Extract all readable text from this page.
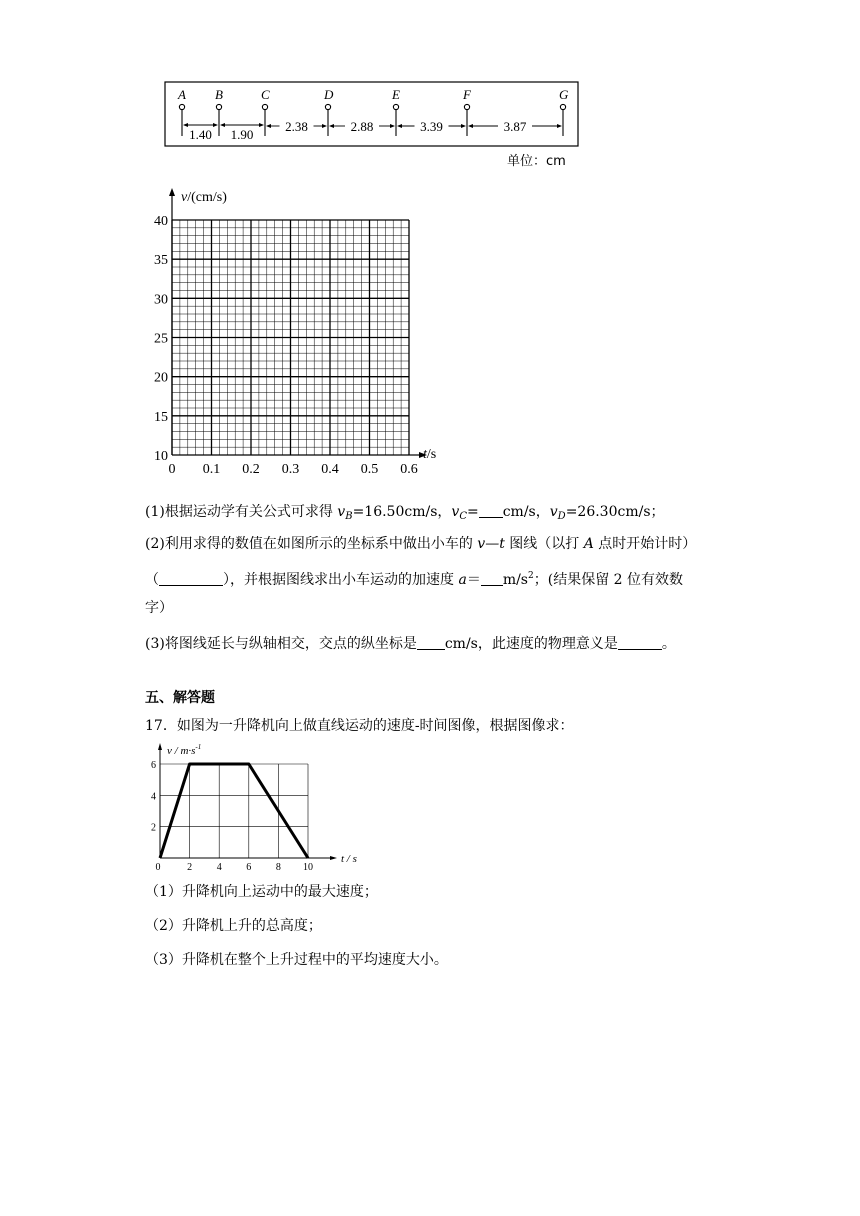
A B	C	D	E	F	G
1.40 1.90
2.38	2.88	3.39	3.87
单位：cm
v/(cm/s)
t/s
10
15
20
25
30
35
40
0 0.1 0.2 0.3 0.4 0.5 0.6
(1)根据运动学有关公式可求得 $v_B=16.50cm/s$，$v_C= cm/s$，$v_D=26.30cm/s$；
(2)利用求得的数值在如图所示的坐标系中做出小车的 v—t 图线（以打 A 点时开始计时）
（	），并根据图线求出小车运动的加速度 $a= m/s^2$；(结果保留 2 位有效数
字）
(3)将图线延长与纵轴相交，交点的纵坐标是 cm/s，此速度的物理意义是	。
五、解答题
17．如图为一升降机向上做直线运动的速度-时间图像，根据图像求：
$v / m\cdot s^{-1}$
t / s
2
4
6
0	2 4 6 8 10
（1）升降机向上运动中的最大速度；
（2）升降机上升的总高度；
（3）升降机在整个上升过程中的平均速度大小。
